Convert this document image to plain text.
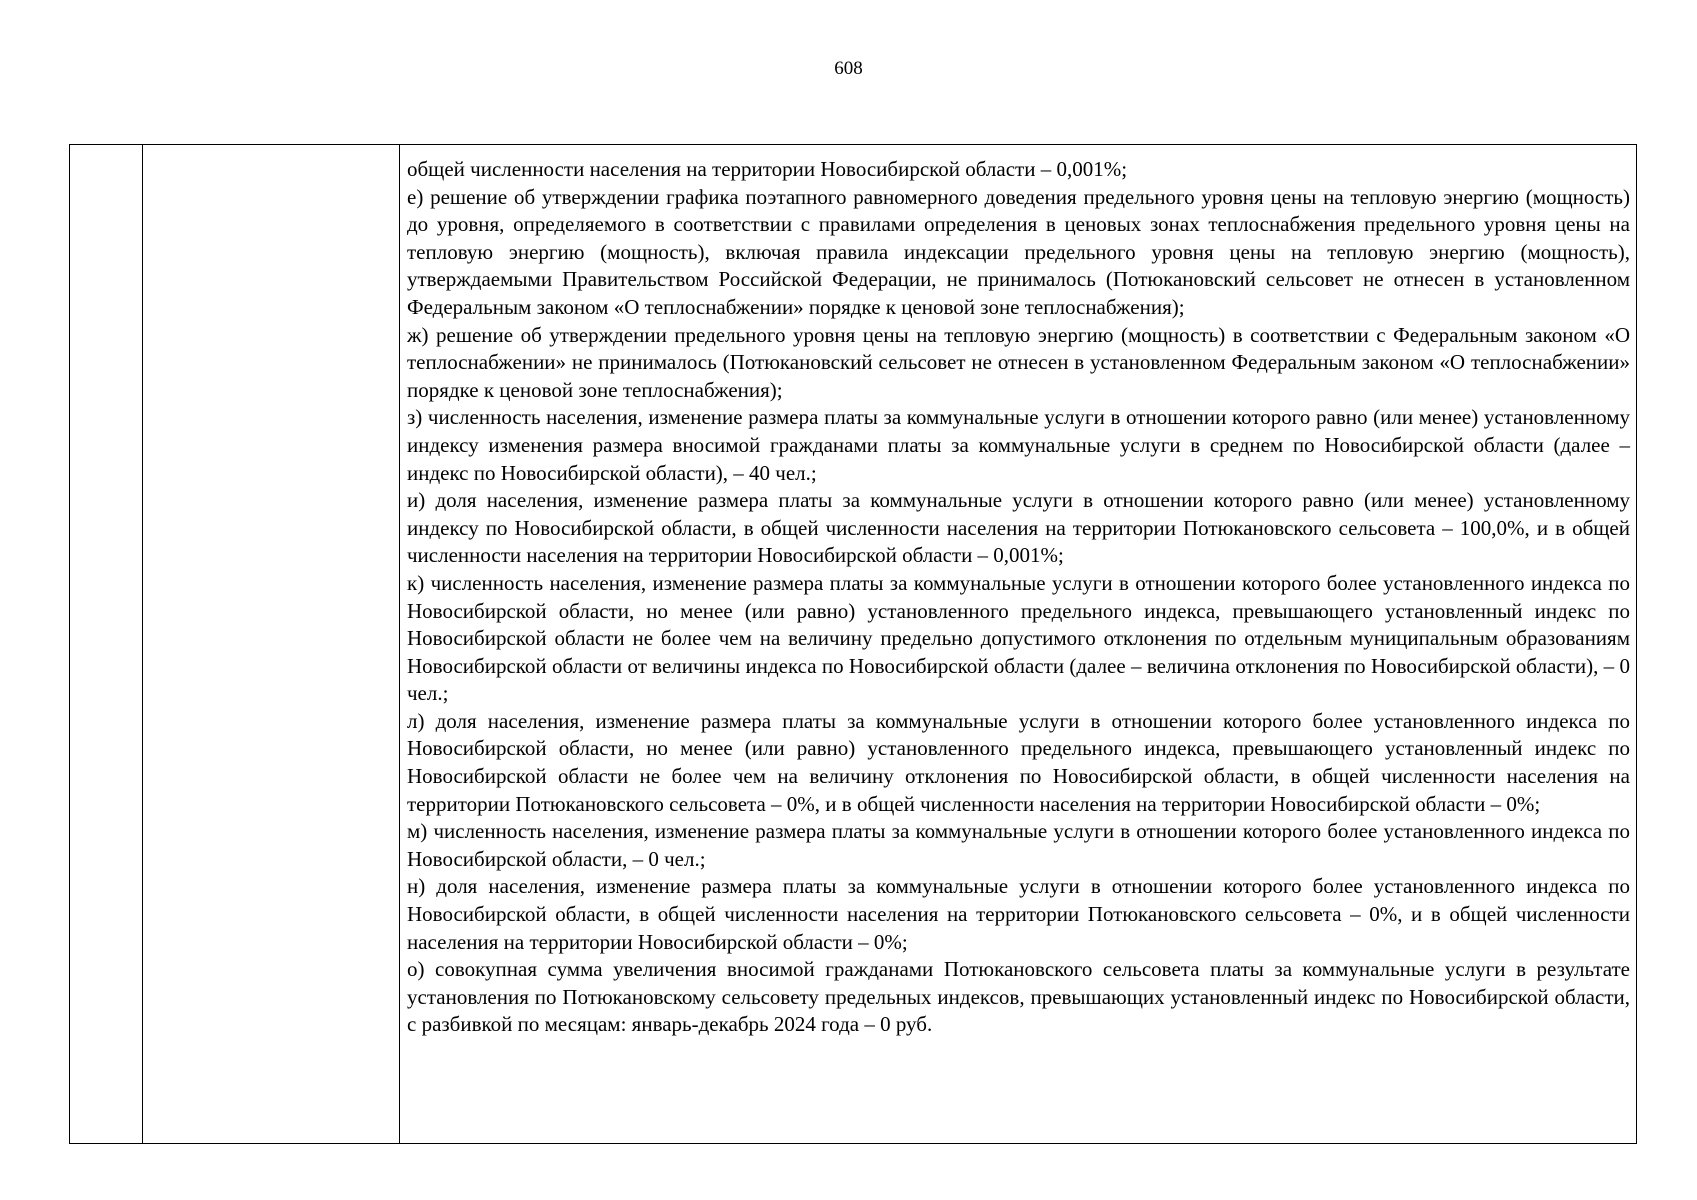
608

общей численности населения на территории Новосибирской области – 0,001%;

е) решение об утверждении графика поэтапного равномерного доведения предельного уровня цены на тепловую энергию (мощность) до уровня, определяемого в соответствии с правилами определения в ценовых зонах теплоснабжения предельного уровня цены на тепловую энергию (мощность), включая правила индексации предельного уровня цены на тепловую энергию (мощность), утверждаемыми Правительством Российской Федерации, не принималось (Потюкановский сельсовет не отнесен в установленном Федеральным законом «О теплоснабжении» порядке к ценовой зоне теплоснабжения);

ж) решение об утверждении предельного уровня цены на тепловую энергию (мощность) в соответствии с Федеральным законом «О теплоснабжении» не принималось (Потюкановский сельсовет не отнесен в установленном Федеральным законом «О теплоснабжении» порядке к ценовой зоне теплоснабжения);

з) численность населения, изменение размера платы за коммунальные услуги в отношении которого равно (или менее) установленному индексу изменения размера вносимой гражданами платы за коммунальные услуги в среднем по Новосибирской области (далее – индекс по Новосибирской области), – 40 чел.;

и) доля населения, изменение размера платы за коммунальные услуги в отношении которого равно (или менее) установленному индексу по Новосибирской области, в общей численности населения на территории Потюкановского сельсовета – 100,0%, и в общей численности населения на территории Новосибирской области – 0,001%;

к) численность населения, изменение размера платы за коммунальные услуги в отношении которого более установленного индекса по Новосибирской области, но менее (или равно) установленного предельного индекса, превышающего установленный индекс по Новосибирской области не более чем на величину предельно допустимого отклонения по отдельным муниципальным образованиям Новосибирской области от величины индекса по Новосибирской области (далее – величина отклонения по Новосибирской области), – 0 чел.;

л) доля населения, изменение размера платы за коммунальные услуги в отношении которого более установленного индекса по Новосибирской области, но менее (или равно) установленного предельного индекса, превышающего установленный индекс по Новосибирской области не более чем на величину отклонения по Новосибирской области, в общей численности населения на территории Потюкановского сельсовета – 0%, и в общей численности населения на территории Новосибирской области – 0%;

м) численность населения, изменение размера платы за коммунальные услуги в отношении которого более установленного индекса по Новосибирской области, – 0 чел.;

н) доля населения, изменение размера платы за коммунальные услуги в отношении которого более установленного индекса по Новосибирской области, в общей численности населения на территории Потюкановского сельсовета – 0%, и в общей численности населения на территории Новосибирской области – 0%;

о) совокупная сумма увеличения вносимой гражданами Потюкановского сельсовета платы за коммунальные услуги в результате установления по Потюкановскому сельсовету предельных индексов, превышающих установленный индекс по Новосибирской области, с разбивкой по месяцам: январь-декабрь 2024 года – 0 руб.
